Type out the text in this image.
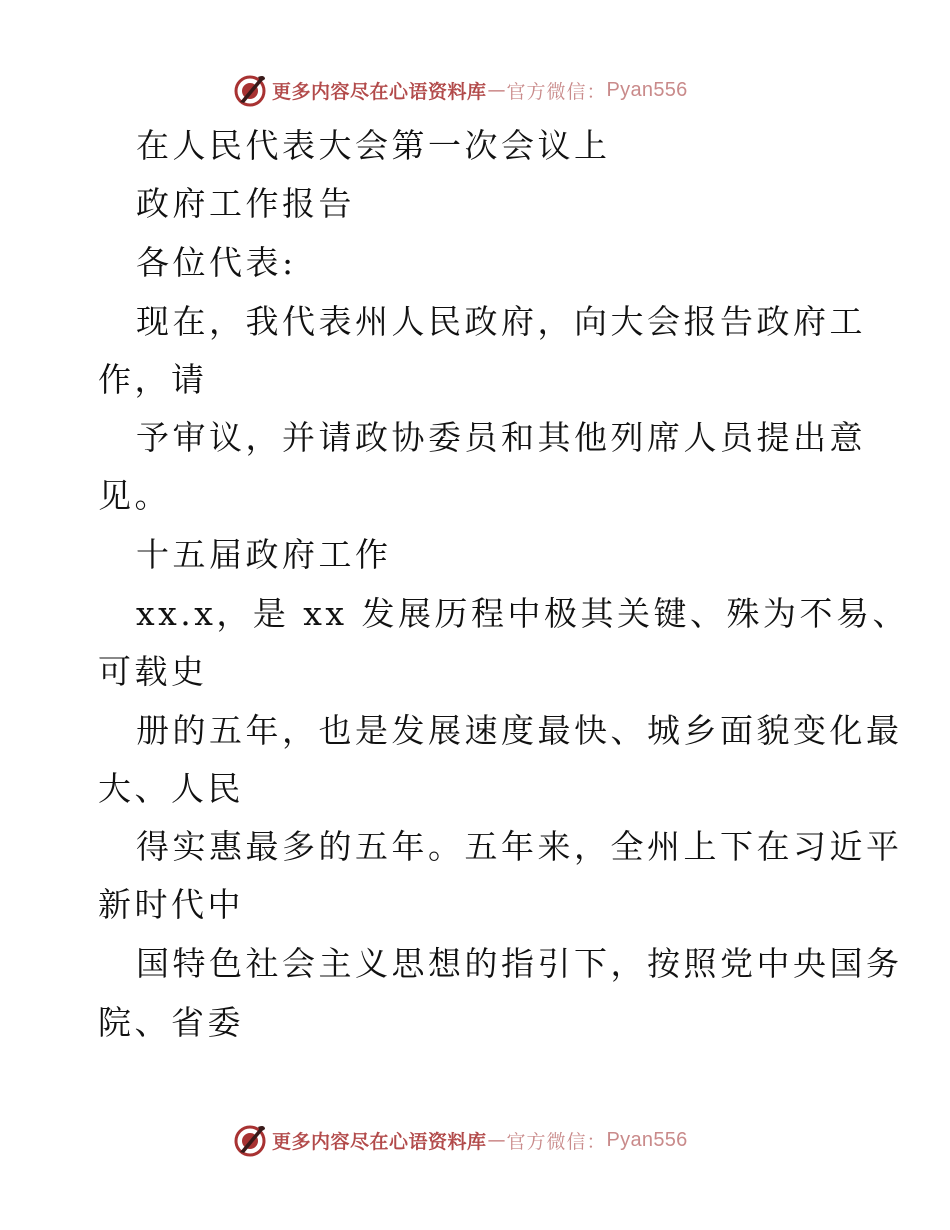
更多内容尽在心语资料库 — 官方微信： Pyan556
在人民代表大会第一次会议上
政府工作报告
各位代表:
现在，我代表州人民政府，向大会报告政府工
作，请
予审议，并请政协委员和其他列席人员提出意
见。
十五届政府工作
xx.x，是 xx 发展历程中极其关键、殊为不易、
可载史
册的五年，也是发展速度最快、城乡面貌变化最
大、人民
得实惠最多的五年。五年来，全州上下在习近平
新时代中
国特色社会主义思想的指引下，按照党中央国务
院、省委
更多内容尽在心语资料库 — 官方微信： Pyan556
